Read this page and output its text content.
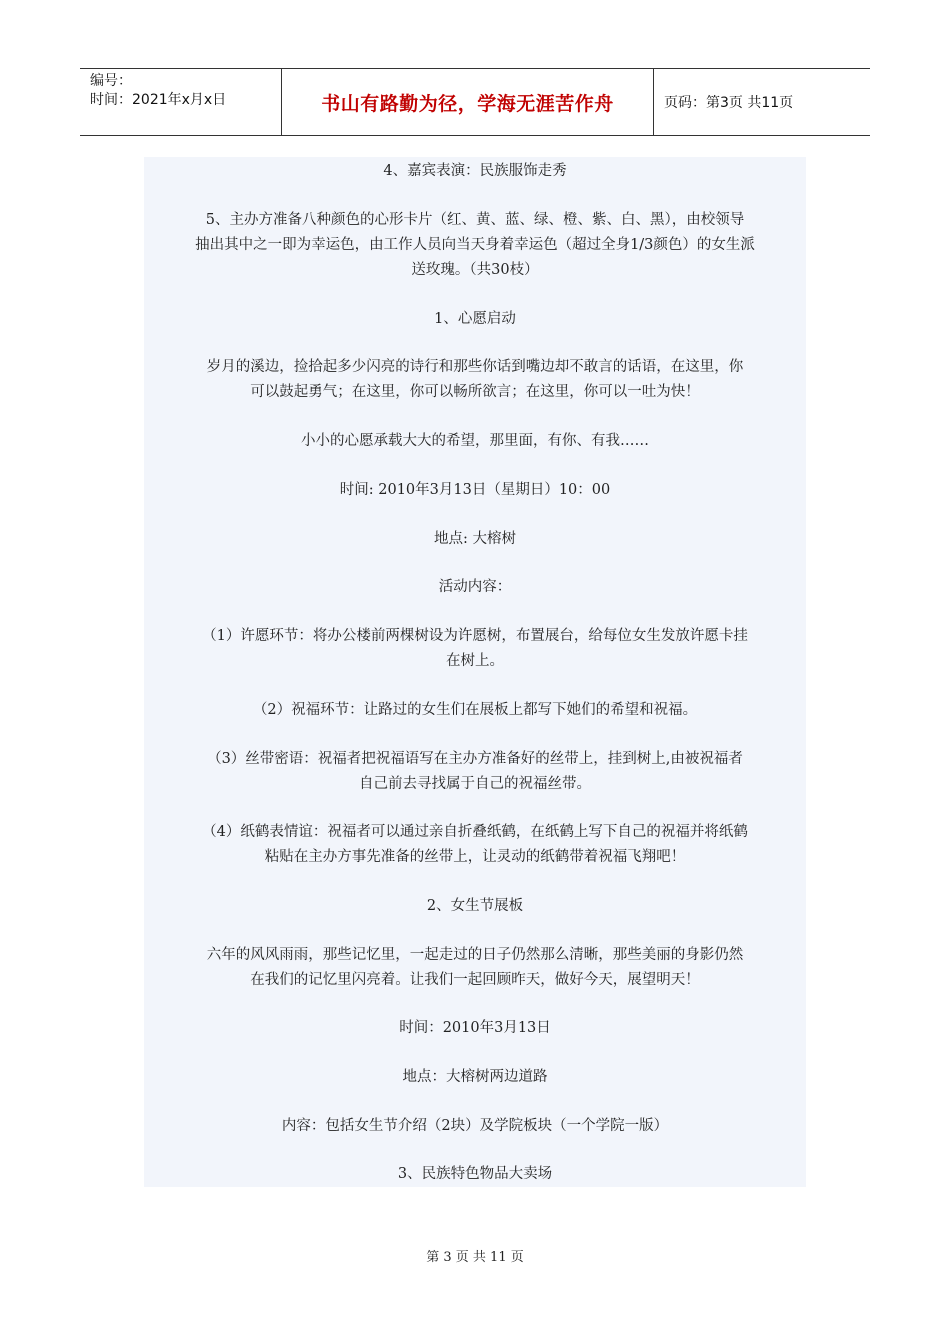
编号：
时间：2021年x月x日	书山有路勤为径，学海无涯苦作舟	页码：第3页 共11页

4、嘉宾表演：民族服饰走秀

5、主办方准备八种颜色的心形卡片（红、黄、蓝、绿、橙、紫、白、黑），由校领导
抽出其中之一即为幸运色，由工作人员向当天身着幸运色（超过全身1/3颜色）的女生派
送玫瑰。（共30枝）

1、心愿启动

岁月的溪边，捡拾起多少闪亮的诗行和那些你话到嘴边却不敢言的话语，在这里，你
可以鼓起勇气；在这里，你可以畅所欲言；在这里，你可以一吐为快！

小小的心愿承载大大的希望，那里面，有你、有我……

时间: 2010年3月13日（星期日）10：00

地点: 大榕树

活动内容：

（1）许愿环节：将办公楼前两棵树设为许愿树，布置展台，给每位女生发放许愿卡挂
在树上。

（2）祝福环节：让路过的女生们在展板上都写下她们的希望和祝福。

（3）丝带密语：祝福者把祝福语写在主办方准备好的丝带上，挂到树上,由被祝福者
自己前去寻找属于自己的祝福丝带。

（4）纸鹤表情谊：祝福者可以通过亲自折叠纸鹤，在纸鹤上写下自己的祝福并将纸鹤
粘贴在主办方事先准备的丝带上，让灵动的纸鹤带着祝福飞翔吧！

2、女生节展板

六年的风风雨雨，那些记忆里，一起走过的日子仍然那么清晰，那些美丽的身影仍然
在我们的记忆里闪亮着。让我们一起回顾昨天，做好今天，展望明天！

时间：2010年3月13日

地点：大榕树两边道路

内容：包括女生节介绍（2块）及学院板块（一个学院一版）

3、民族特色物品大卖场

第 3 页 共 11 页
